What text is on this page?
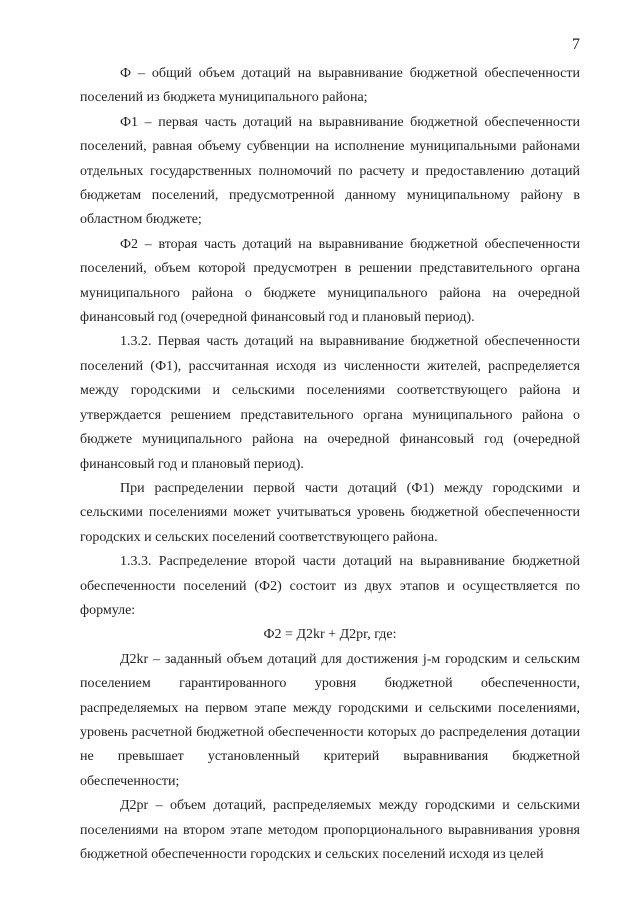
7

Ф – общий объем дотаций на выравнивание бюджетной обеспеченности поселений из бюджета муниципального района;

Ф1 – первая часть дотаций на выравнивание бюджетной обеспеченности поселений, равная объему субвенции на исполнение муниципальными районами отдельных государственных полномочий по расчету и предоставлению дотаций бюджетам поселений, предусмотренной данному муниципальному району в областном бюджете;

Ф2 – вторая часть дотаций на выравнивание бюджетной обеспеченности поселений, объем которой предусмотрен в решении представительного органа муниципального района о бюджете муниципального района на очередной финансовый год (очередной финансовый год и плановый период).

1.3.2. Первая часть дотаций на выравнивание бюджетной обеспеченности поселений (Ф1), рассчитанная исходя из численности жителей, распределяется между городскими и сельскими поселениями соответствующего района и утверждается решением представительного органа муниципального района о бюджете муниципального района на очередной финансовый год (очередной финансовый год и плановый период).

При распределении первой части дотаций (Ф1) между городскими и сельскими поселениями может учитываться уровень бюджетной обеспеченности городских и сельских поселений соответствующего района.

1.3.3. Распределение второй части дотаций на выравнивание бюджетной обеспеченности поселений (Ф2) состоит из двух этапов и осуществляется по формуле:

Ф2 = Д2kr + Д2pr, где:

Д2kr – заданный объем дотаций для достижения j-м городским и сельским поселением гарантированного уровня бюджетной обеспеченности, распределяемых на первом этапе между городскими и сельскими поселениями, уровень расчетной бюджетной обеспеченности которых до распределения дотации не превышает установленный критерий выравнивания бюджетной обеспеченности;

Д2pr – объем дотаций, распределяемых между городскими и сельскими поселениями на втором этапе методом пропорционального выравнивания уровня бюджетной обеспеченности городских и сельских поселений исходя из целей
